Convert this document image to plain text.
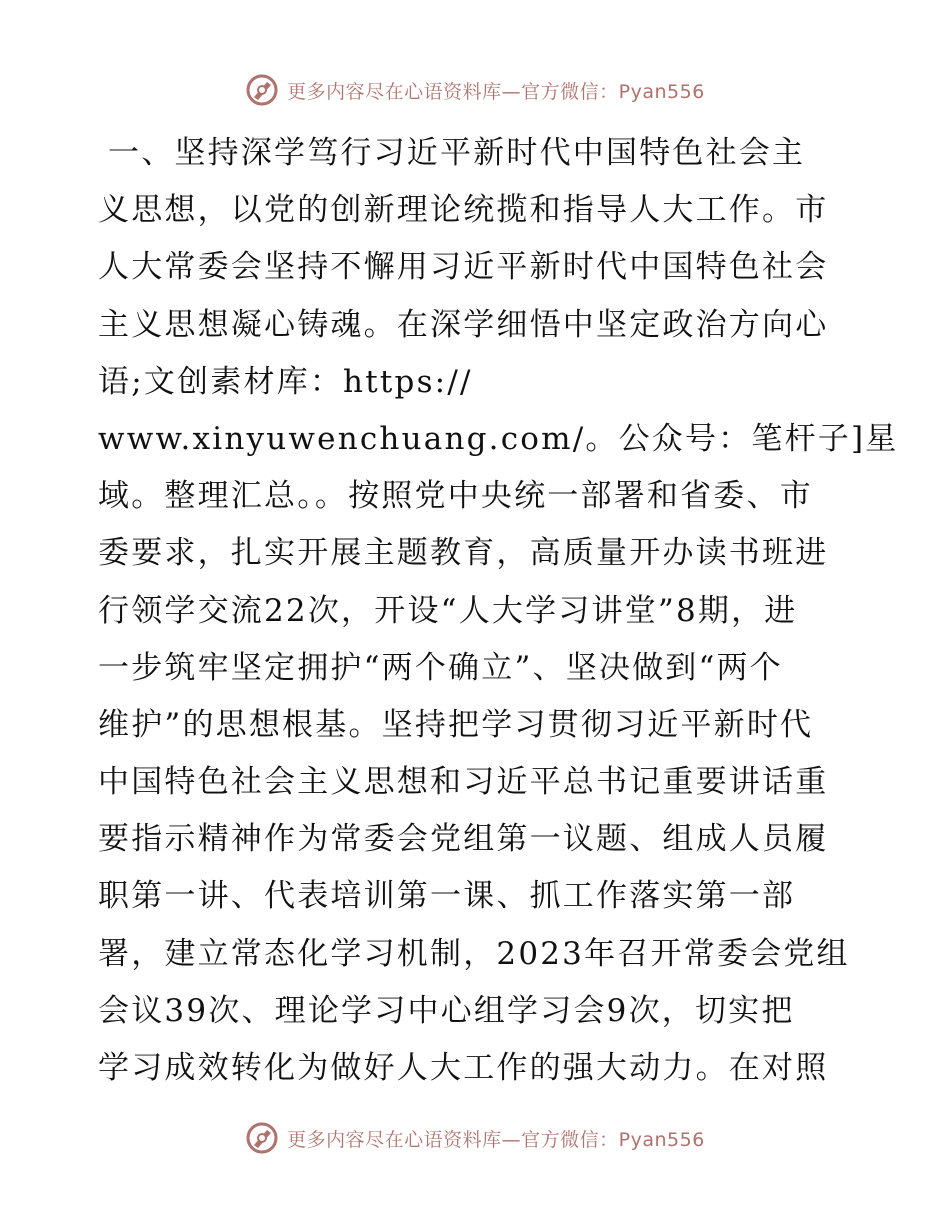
更多内容尽在心语资料库—官方微信：Pyan556
一、坚持深学笃行习近平新时代中国特色社会主
义思想，以党的创新理论统揽和指导人大工作。市
人大常委会坚持不懈用习近平新时代中国特色社会
主义思想凝心铸魂。在深学细悟中坚定政治方向心
语;文创素材库：https://
www.xinyuwenchuang.com/。公众号：笔杆子]星
域。整理汇总。。按照党中央统一部署和省委、市
委要求，扎实开展主题教育，高质量开办读书班进
行领学交流22次，开设“人大学习讲堂”8期，进
一步筑牢坚定拥护“两个确立”、坚决做到“两个
维护”的思想根基。坚持把学习贯彻习近平新时代
中国特色社会主义思想和习近平总书记重要讲话重
要指示精神作为常委会党组第一议题、组成人员履
职第一讲、代表培训第一课、抓工作落实第一部
署，建立常态化学习机制，2023年召开常委会党组
会议39次、理论学习中心组学习会9次，切实把
学习成效转化为做好人大工作的强大动力。在对照
更多内容尽在心语资料库—官方微信：Pyan556
